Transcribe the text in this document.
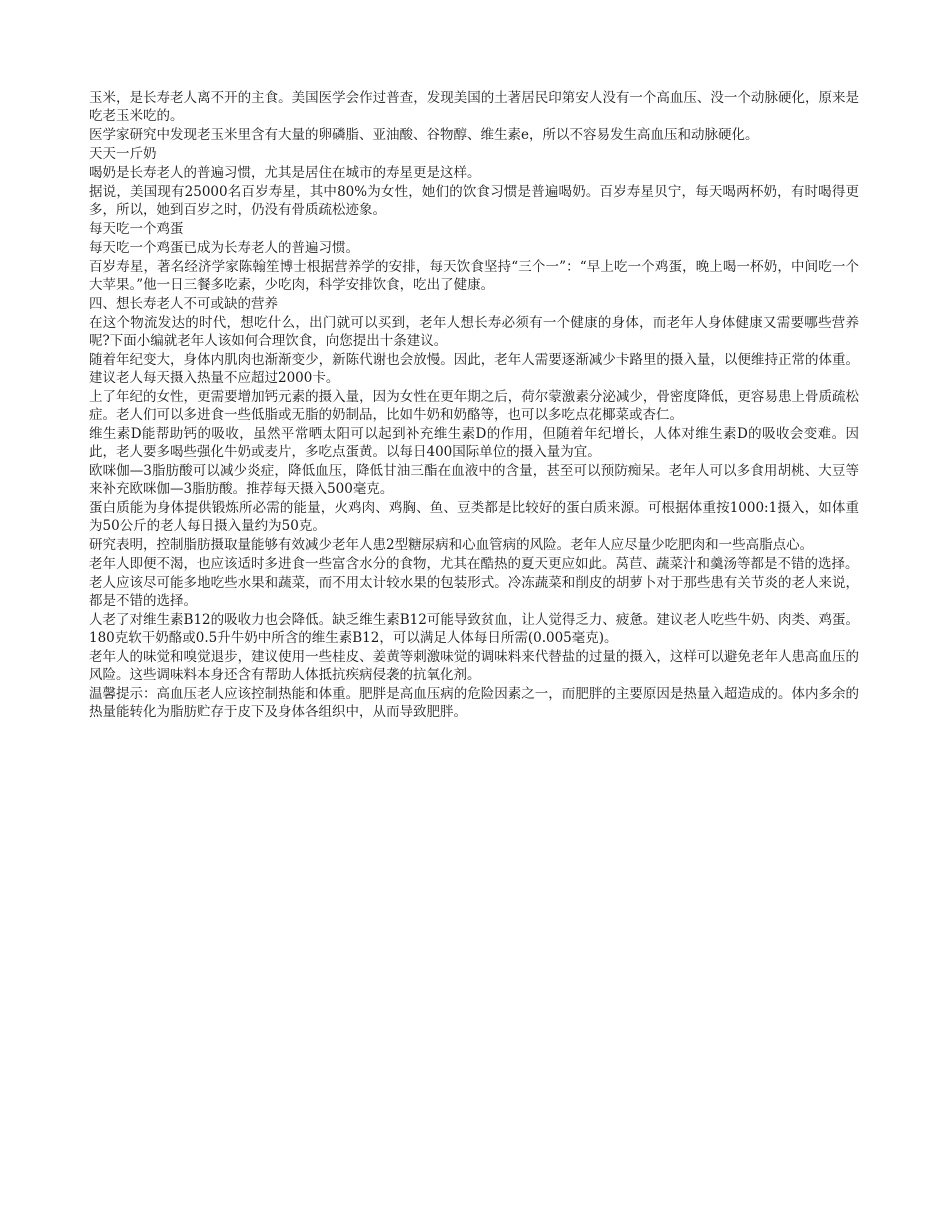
玉米，是长寿老人离不开的主食。美国医学会作过普查，发现美国的土著居民印第安人没有一个高血压、没一个动脉硬化，原来是吃老玉米吃的。

医学家研究中发现老玉米里含有大量的卵磷脂、亚油酸、谷物醇、维生素e，所以不容易发生高血压和动脉硬化。

天天一斤奶

喝奶是长寿老人的普遍习惯，尤其是居住在城市的寿星更是这样。

据说，美国现有25000名百岁寿星，其中80%为女性，她们的饮食习惯是普遍喝奶。百岁寿星贝宁，每天喝两杯奶，有时喝得更多，所以，她到百岁之时，仍没有骨质疏松迹象。

每天吃一个鸡蛋

每天吃一个鸡蛋已成为长寿老人的普遍习惯。

百岁寿星，著名经济学家陈翰笙博士根据营养学的安排，每天饮食坚持“三个一”：“早上吃一个鸡蛋，晚上喝一杯奶，中间吃一个大苹果。”他一日三餐多吃素，少吃肉，科学安排饮食，吃出了健康。

四、想长寿老人不可或缺的营养

在这个物流发达的时代，想吃什么，出门就可以买到，老年人想长寿必须有一个健康的身体，而老年人身体健康又需要哪些营养呢?下面小编就老年人该如何合理饮食，向您提出十条建议。

随着年纪变大，身体内肌肉也渐渐变少，新陈代谢也会放慢。因此，老年人需要逐渐减少卡路里的摄入量，以便维持正常的体重。建议老人每天摄入热量不应超过2000卡。

上了年纪的女性，更需要增加钙元素的摄入量，因为女性在更年期之后，荷尔蒙激素分泌减少，骨密度降低，更容易患上骨质疏松症。老人们可以多进食一些低脂或无脂的奶制品，比如牛奶和奶酪等，也可以多吃点花椰菜或杏仁。

维生素D能帮助钙的吸收，虽然平常晒太阳可以起到补充维生素D的作用，但随着年纪增长，人体对维生素D的吸收会变难。因此，老人要多喝些强化牛奶或麦片，多吃点蛋黄。以每日400国际单位的摄入量为宜。

欧咪伽—3脂肪酸可以减少炎症，降低血压，降低甘油三酯在血液中的含量，甚至可以预防痴呆。老年人可以多食用胡桃、大豆等来补充欧咪伽—3脂肪酸。推荐每天摄入500毫克。

蛋白质能为身体提供锻炼所必需的能量，火鸡肉、鸡胸、鱼、豆类都是比较好的蛋白质来源。可根据体重按1000:1摄入，如体重为50公斤的老人每日摄入量约为50克。

研究表明，控制脂肪摄取量能够有效减少老年人患2型糖尿病和心血管病的风险。老年人应尽量少吃肥肉和一些高脂点心。

老年人即便不渴，也应该适时多进食一些富含水分的食物，尤其在酷热的夏天更应如此。莴苣、蔬菜汁和羹汤等都是不错的选择。

老人应该尽可能多地吃些水果和蔬菜，而不用太计较水果的包装形式。冷冻蔬菜和削皮的胡萝卜对于那些患有关节炎的老人来说，都是不错的选择。

人老了对维生素B12的吸收力也会降低。缺乏维生素B12可能导致贫血，让人觉得乏力、疲惫。建议老人吃些牛奶、肉类、鸡蛋。180克软干奶酪或0.5升牛奶中所含的维生素B12，可以满足人体每日所需(0.005毫克)。

老年人的味觉和嗅觉退步，建议使用一些桂皮、姜黄等刺激味觉的调味料来代替盐的过量的摄入，这样可以避免老年人患高血压的风险。这些调味料本身还含有帮助人体抵抗疾病侵袭的抗氧化剂。

温馨提示：高血压老人应该控制热能和体重。肥胖是高血压病的危险因素之一，而肥胖的主要原因是热量入超造成的。体内多余的热量能转化为脂肪贮存于皮下及身体各组织中，从而导致肥胖。
